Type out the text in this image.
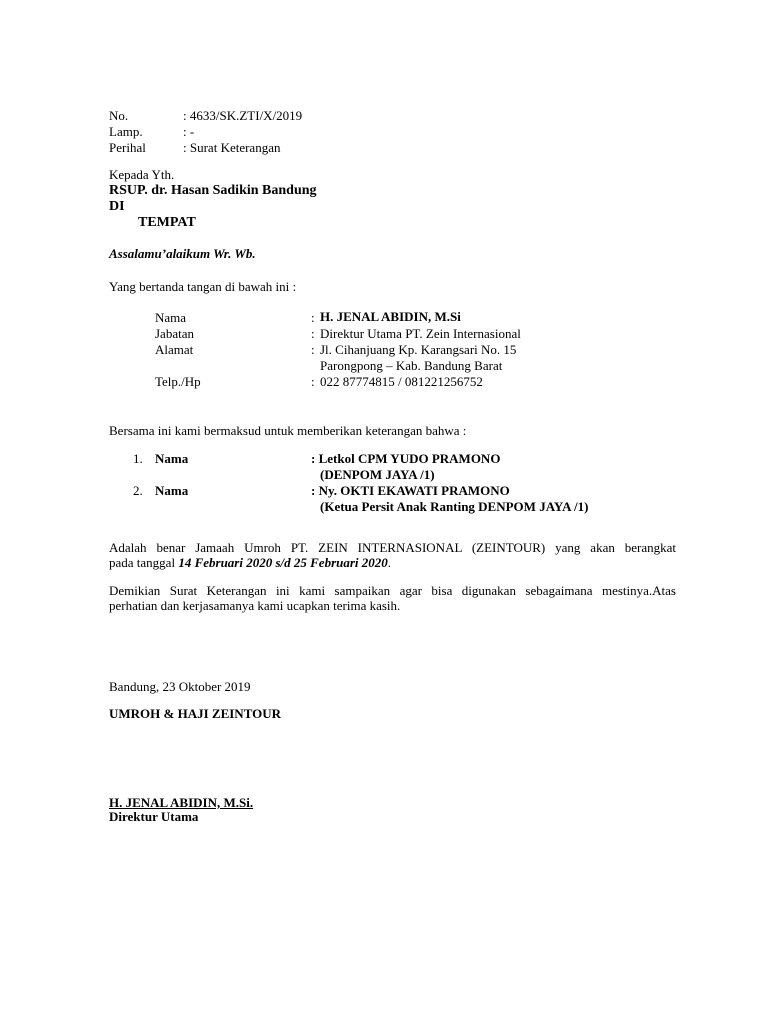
No.	: 4633/SK.ZTI/X/2019
Lamp.	: -
Perihal	: Surat Keterangan
Kepada Yth.
RSUP. dr. Hasan Sadikin Bandung
DI
TEMPAT
Assalamu’alaikum Wr. Wb.
Yang bertanda tangan di bawah ini :
Nama	: H. JENAL ABIDIN, M.Si
Jabatan	: Direktur Utama PT. Zein Internasional
Alamat	: Jl. Cihanjuang Kp. Karangsari No. 15
Parongpong – Kab. Bandung Barat
Telp./Hp	: 022 87774815 / 081221256752
Bersama ini kami bermaksud untuk memberikan keterangan bahwa :
1. Nama	: Letkol CPM YUDO PRAMONO
(DENPOM JAYA /1)
2. Nama	: Ny. OKTI EKAWATI PRAMONO
(Ketua Persit Anak Ranting DENPOM JAYA /1)
Adalah benar Jamaah Umroh PT. ZEIN INTERNASIONAL (ZEINTOUR) yang akan berangkat
pada tanggal 14 Februari 2020 s/d 25 Februari 2020.
Demikian Surat Keterangan ini kami sampaikan agar bisa digunakan sebagaimana mestinya.Atas
perhatian dan kerjasamanya kami ucapkan terima kasih.
Bandung, 23 Oktober 2019
UMROH & HAJI ZEINTOUR
H. JENAL ABIDIN, M.Si.
Direktur Utama
